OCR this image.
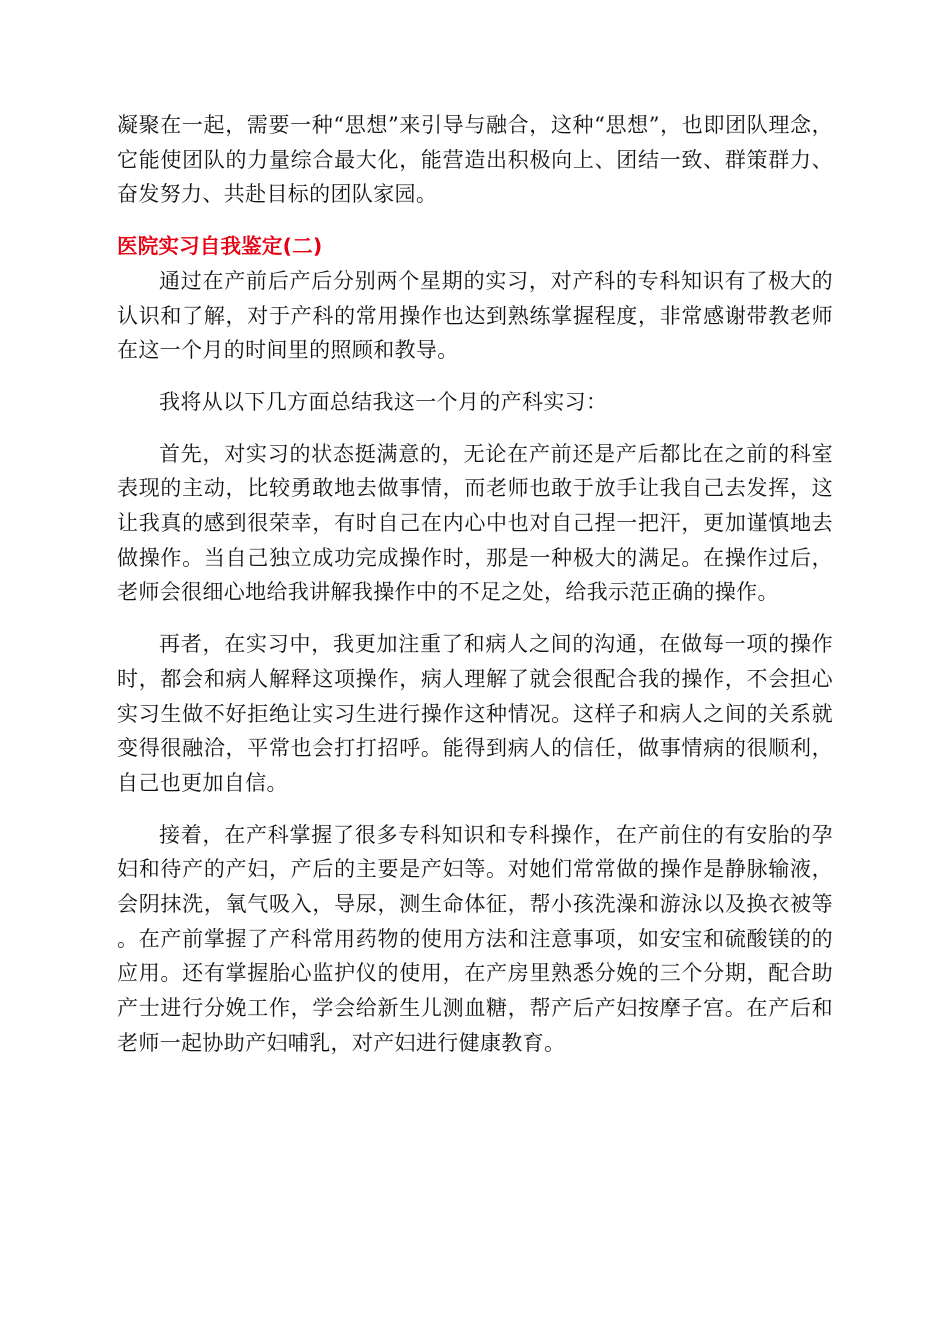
凝聚在一起，需要一种“思想”来引导与融合，这种“思想”，也即团队理念，它能使团队的力量综合最大化，能营造出积极向上、团结一致、群策群力、奋发努力、共赴目标的团队家园。

医院实习自我鉴定(二)

通过在产前后产后分别两个星期的实习，对产科的专科知识有了极大的认识和了解，对于产科的常用操作也达到熟练掌握程度，非常感谢带教老师在这一个月的时间里的照顾和教导。

我将从以下几方面总结我这一个月的产科实习：

首先，对实习的状态挺满意的，无论在产前还是产后都比在之前的科室表现的主动，比较勇敢地去做事情，而老师也敢于放手让我自己去发挥，这让我真的感到很荣幸，有时自己在内心中也对自己捏一把汗，更加谨慎地去做操作。当自己独立成功完成操作时，那是一种极大的满足。在操作过后，老师会很细心地给我讲解我操作中的不足之处，给我示范正确的操作。

再者，在实习中，我更加注重了和病人之间的沟通，在做每一项的操作时，都会和病人解释这项操作，病人理解了就会很配合我的操作，不会担心实习生做不好拒绝让实习生进行操作这种情况。这样子和病人之间的关系就变得很融洽，平常也会打打招呼。能得到病人的信任，做事情病的很顺利，自己也更加自信。

接着，在产科掌握了很多专科知识和专科操作，在产前住的有安胎的孕妇和待产的产妇，产后的主要是产妇等。对她们常常做的操作是静脉输液，会阴抹洗，氧气吸入，导尿，测生命体征，帮小孩洗澡和游泳以及换衣被等。在产前掌握了产科常用药物的使用方法和注意事项，如安宝和硫酸镁的的应用。还有掌握胎心监护仪的使用，在产房里熟悉分娩的三个分期，配合助产士进行分娩工作，学会给新生儿测血糖，帮产后产妇按摩子宫。在产后和老师一起协助产妇哺乳，对产妇进行健康教育。
